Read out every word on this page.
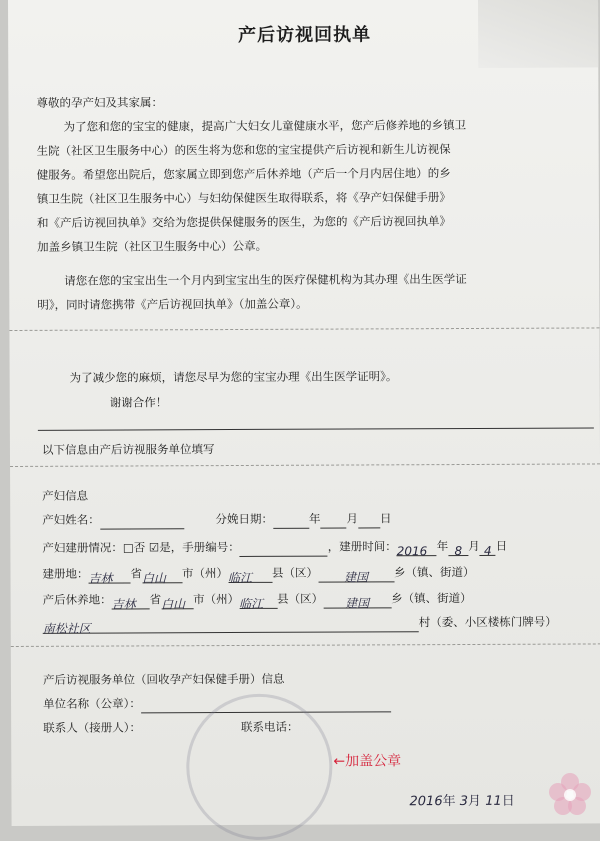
产后访视回执单
尊敬的孕产妇及其家属：
为了您和您的宝宝的健康，提高广大妇女儿童健康水平，您产后修养地的乡镇卫
生院（社区卫生服务中心）的医生将为您和您的宝宝提供产后访视和新生儿访视保
健服务。希望您出院后，您家属立即到您产后休养地（产后一个月内居住地）的乡
镇卫生院（社区卫生服务中心）与妇幼保健医生取得联系，将《孕产妇保健手册》
和《产后访视回执单》交给为您提供保健服务的医生，为您的《产后访视回执单》
加盖乡镇卫生院（社区卫生服务中心）公章。
请您在您的宝宝出生一个月内到宝宝出生的医疗保健机构为其办理《出生医学证
明》，同时请您携带《产后访视回执单》（加盖公章）。
为了减少您的麻烦，请您尽早为您的宝宝办理《出生医学证明》。
谢谢合作！
以下信息由产后访视服务单位填写
产妇信息
产妇姓名：	分娩日期：	年 月 日
产妇建册情况：□否 ☑是，手册编号：	，建册时间：2016 年 8 月 4 日
建册地：吉林 省白山 市（州）临江 县（区） 建国 乡（镇、街道）
产后休养地：吉林 省白山 市（州）临江 县（区） 建国 乡（镇、街道）
南松社区	村（委、小区楼栋门牌号）
产后访视服务单位（回收孕产妇保健手册）信息
单位名称（公章）：
联系人（接册人）：	联系电话：
←加盖公章
2016年 3月 11日
